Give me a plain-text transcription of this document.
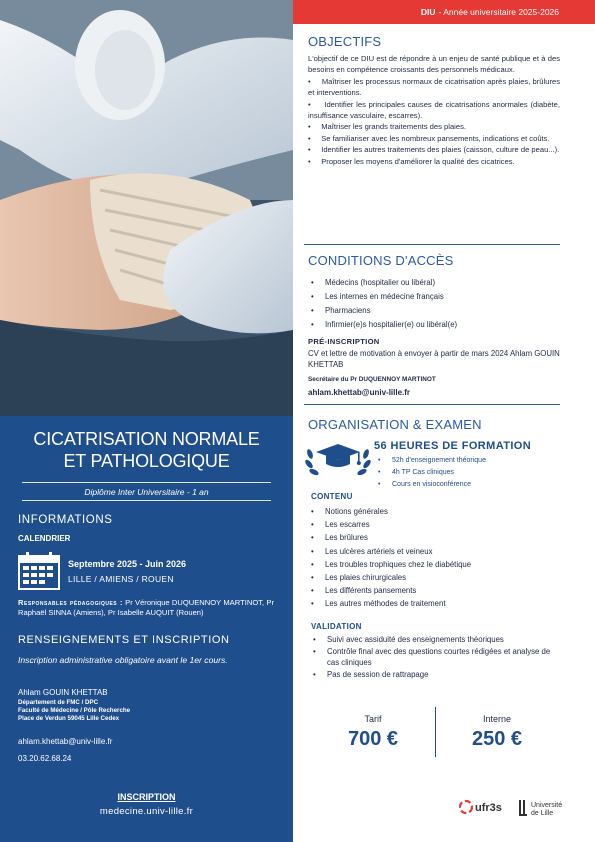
CICATRISATION NORMALE
ET PATHOLOGIQUE
Diplôme Inter Universitaire - 1 an
INFORMATIONS
CALENDRIER
Septembre 2025 - Juin 2026
LILLE / AMIENS / ROUEN
Responsables pédagogiques : Pr Véronique DUQUENNOY MARTINOT, Pr Raphaël SINNA (Amiens), Pr Isabelle AUQUIT (Rouen)
RENSEIGNEMENTS ET INSCRIPTION
Inscription administrative obligatoire avant le 1er cours.
Ahlam GOUIN KHETTAB
Département de FMC / DPC
Faculté de Médecine / Pôle Recherche
Place de Verdun 59045 Lille Cedex
ahlam.khettab@univ-lille.fr
03.20.62.68.24
INSCRIPTION
medecine.univ-lille.fr
DIU - Année universitaire 2025-2026
OBJECTIFS

L'objectif de ce DIU est de répondre à un enjeu de santé publique et à des besoins en compétence croissants des personnels médicaux.

•     Maîtriser les processus normaux de cicatrisation après plaies, brûlures et interventions.

•     Identifier les principales causes de cicatrisations anormales (diabète, insuffisance vasculaire, escarres).

•     Maîtriser les grands traitements des plaies.

•     Se familiariser avec les nombreux pansements, indications et coûts.

•     Identifier les autres traitements des plaies (caisson, culture de peau...).

•     Proposer les moyens d'améliorer la qualité des cicatrices.

CONDITIONS D'ACCÈS
• Médecins (hospitalier ou libéral)
• Les internes en médecine français
• Pharmaciens
• Infirmier(e)s hospitalier(e) ou libéral(e)
PRÉ-INSCRIPTION
CV et lettre de motivation à envoyer à partir de mars 2024 Ahlam GOUIN KHETTAB
Secrétaire du Pr DUQUENNOY MARTINOT
ahlam.khettab@univ-lille.fr
ORGANISATION & EXAMEN
56 HEURES DE FORMATION
• 52h d'enseignement théorique
• 4h TP Cas cliniques
• Cours en visioconférence
CONTENU
• Notions générales
• Les escarres
• Les brûlures
• Les ulcères artériels et veineux
• Les troubles trophiques chez le diabétique
• Les plaies chirurgicales
• Les différents pansements
• Les autres méthodes de traitement
VALIDATION
• Suivi avec assiduité des enseignements théoriques
• Contrôle final avec des questions courtes rédigées et analyse de cas cliniques
• Pas de session de rattrapage
Tarif
700 €
Interne
250 €
ufr3s	Université
de Lille
